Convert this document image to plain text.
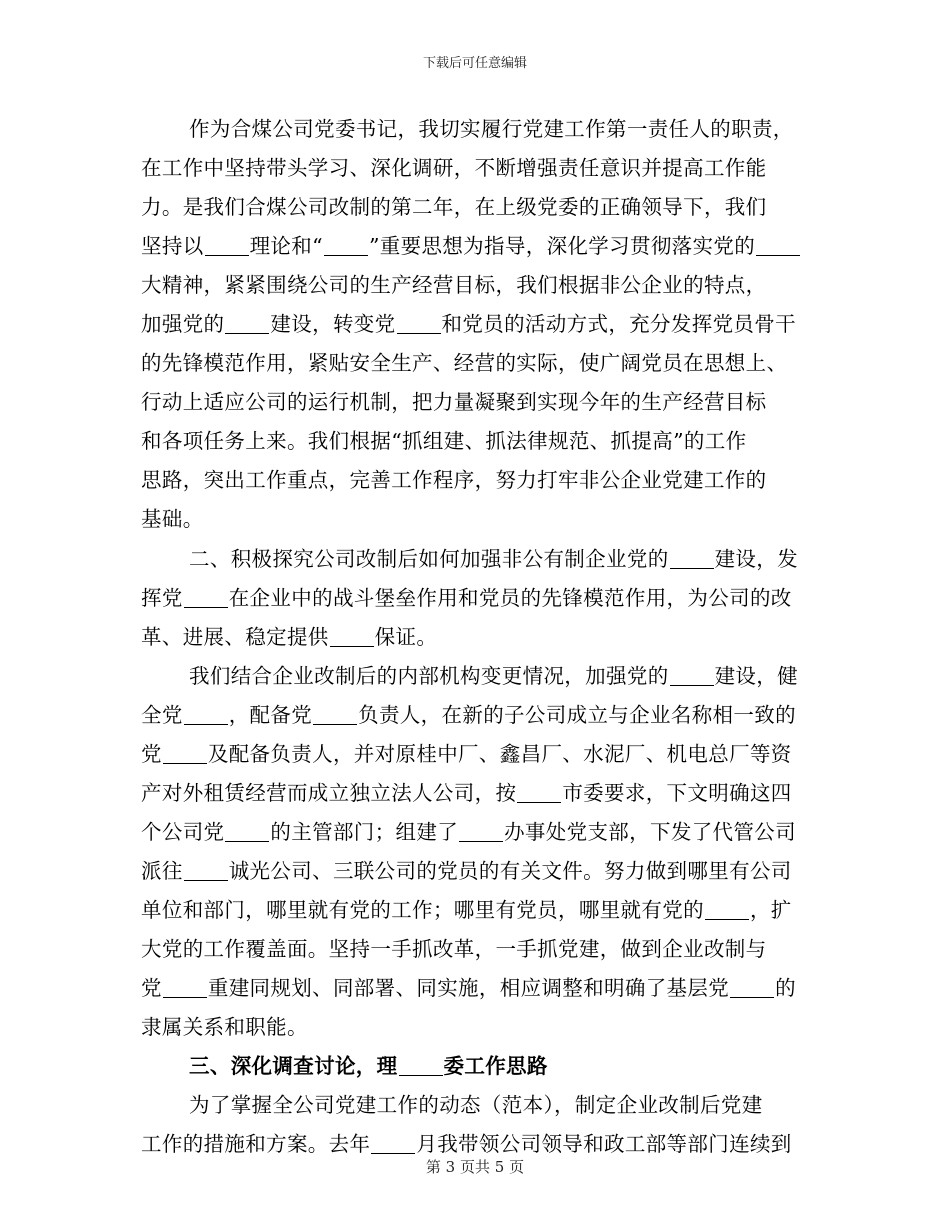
下载后可任意编辑
作为合煤公司党委书记，我切实履行党建工作第一责任人的职责，
在工作中坚持带头学习、深化调研，不断增强责任意识并提高工作能
力。是我们合煤公司改制的第二年，在上级党委的正确领导下，我们
坚持以 理论和“ ”重要思想为指导，深化学习贯彻落实党的
大精神，紧紧围绕公司的生产经营目标，我们根据非公企业的特点，
加强党的 建设，转变党 和党员的活动方式，充分发挥党员骨干
的先锋模范作用，紧贴安全生产、经营的实际，使广阔党员在思想上、
行动上适应公司的运行机制，把力量凝聚到实现今年的生产经营目标
和各项任务上来。我们根据“抓组建、抓法律规范、抓提高”的工作
思路，突出工作重点，完善工作程序，努力打牢非公企业党建工作的
基础。
二、积极探究公司改制后如何加强非公有制企业党的 建设，发
挥党 在企业中的战斗堡垒作用和党员的先锋模范作用，为公司的改
革、进展、稳定提供 保证。
我们结合企业改制后的内部机构变更情况，加强党的 建设，健
全党 ，配备党 负责人，在新的子公司成立与企业名称相一致的
党 及配备负责人，并对原桂中厂、鑫昌厂、水泥厂、机电总厂等资
产对外租赁经营而成立独立法人公司，按 市委要求，下文明确这四
个公司党 的主管部门；组建了 办事处党支部，下发了代管公司
派往 诚光公司、三联公司的党员的有关文件。努力做到哪里有公司
单位和部门，哪里就有党的工作；哪里有党员，哪里就有党的 ，扩
大党的工作覆盖面。坚持一手抓改革，一手抓党建，做到企业改制与
党 重建同规划、同部署、同实施，相应调整和明确了基层党 的
隶属关系和职能。
三、深化调查讨论，理 委工作思路
为了掌握全公司党建工作的动态（范本），制定企业改制后党建
工作的措施和方案。去年 月我带领公司领导和政工部等部门连续到
第 3 页共 5 页
